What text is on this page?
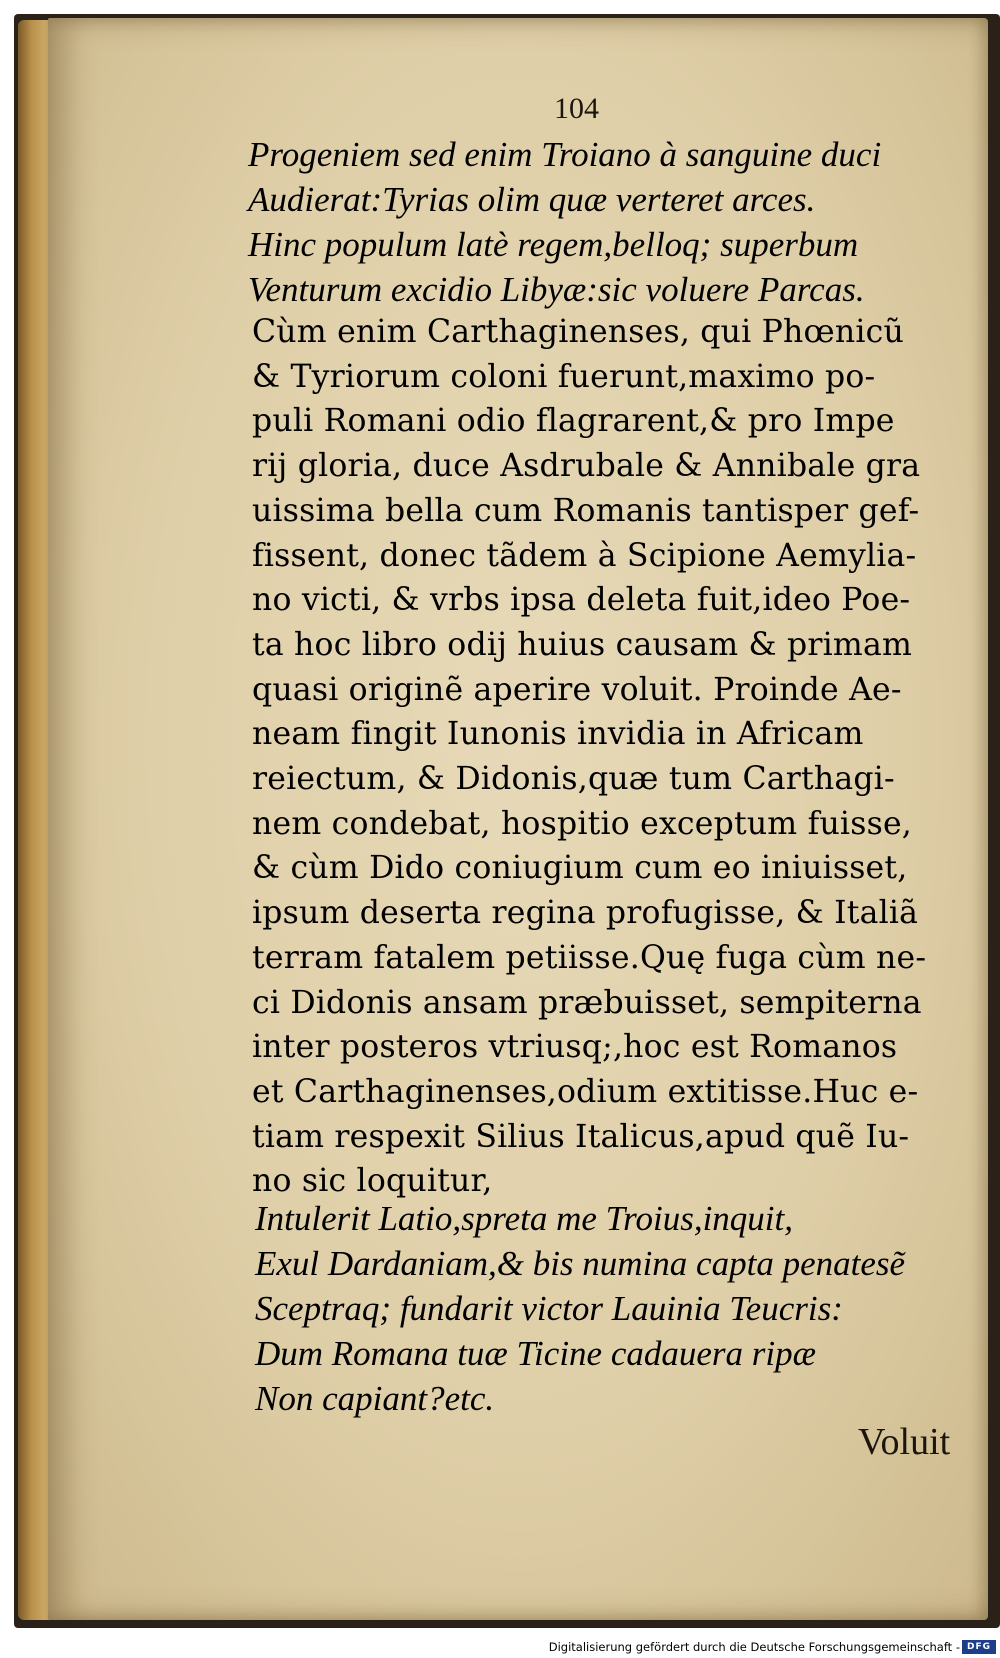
104

Progeniem sed enim Troiano à sanguine duci

Audierat:Tyrias olim quæ verteret arces.

Hinc populum latè regem,belloq; superbum

Venturum excidio Libyæ:sic voluere Parcas.

Cùm enim Carthaginenses, qui Phœnicũ

& Tyriorum coloni fuerunt,maximo po-

puli Romani odio flagrarent,& pro Impe

rij gloria, duce Asdrubale & Annibale gra

uissima bella cum Romanis tantisper gef-

fissent, donec tãdem à Scipione Aemylia-

no victi, & vrbs ipsa deleta fuit,ideo Poe-

ta hoc libro odij huius causam & primam

quasi originẽ aperire voluit. Proinde Ae-

neam fingit Iunonis invidia in Africam

reiectum, & Didonis,quæ tum Carthagi-

nem condebat, hospitio exceptum fuisse,

& cùm Dido coniugium cum eo iniuisset,

ipsum deserta regina profugisse, & Italiã

terram fatalem petiisse.Quę fuga cùm ne-

ci Didonis ansam præbuisset, sempiterna

inter posteros vtriusq;,hoc est Romanos

et Carthaginenses,odium extitisse.Huc e-

tiam respexit Silius Italicus,apud quẽ Iu-

no sic loquitur,

Intulerit Latio,spreta me Troius,inquit,

Exul Dardaniam,& bis numina capta penatesẽ

Sceptraq; fundarit victor Lauinia Teucris:

Dum Romana tuæ Ticine cadauera ripæ

Non capiant?etc.

Voluit
Digitalisierung gefördert durch die Deutsche Forschungsgemeinschaft - DFG
